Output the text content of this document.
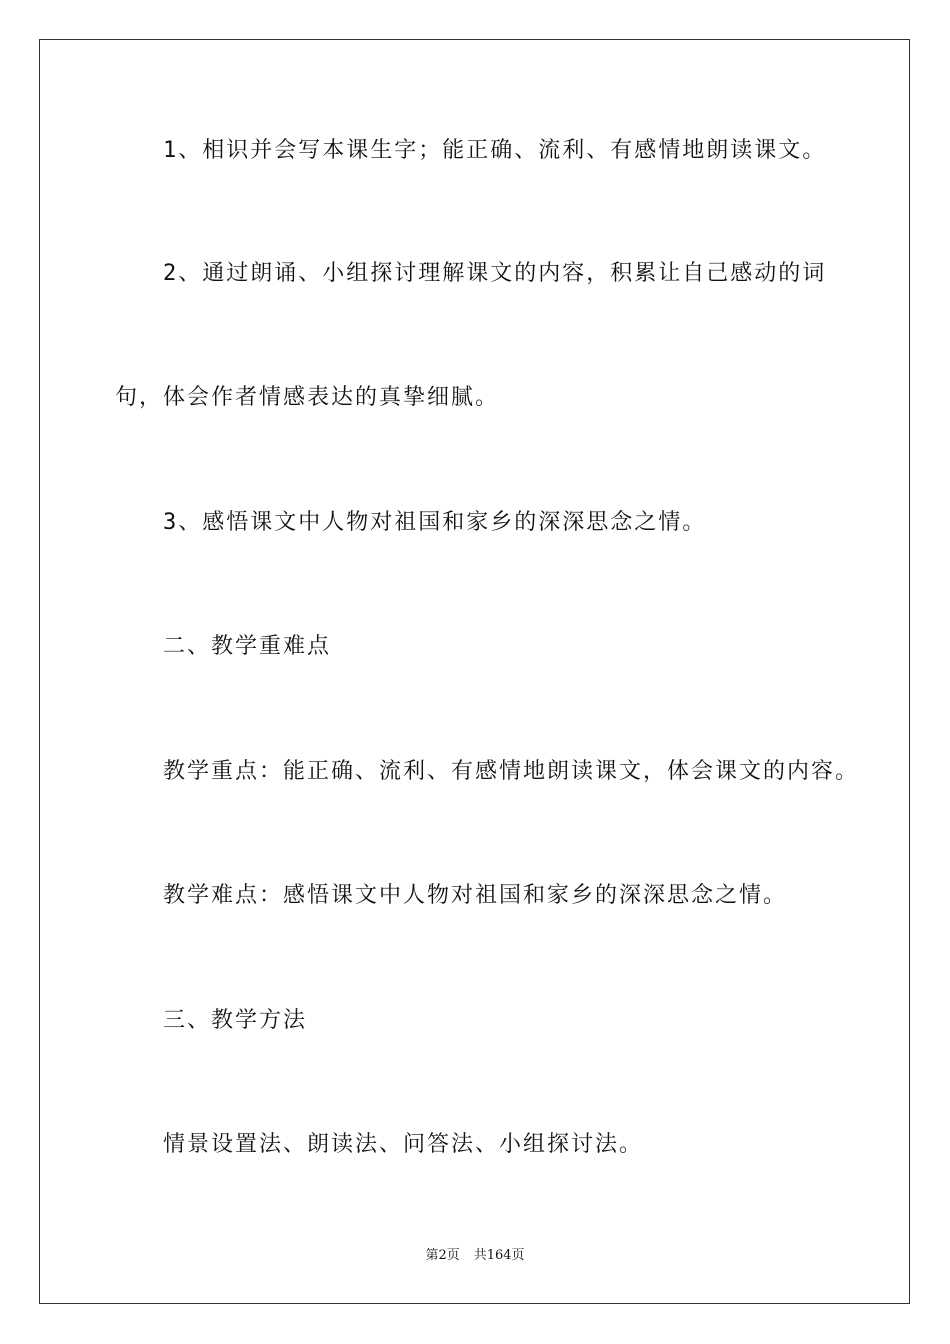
1、相识并会写本课生字；能正确、流利、有感情地朗读课文。
2、通过朗诵、小组探讨理解课文的内容，积累让自己感动的词
句，体会作者情感表达的真挚细腻。
3、感悟课文中人物对祖国和家乡的深深思念之情。
二、教学重难点
教学重点：能正确、流利、有感情地朗读课文，体会课文的内容。
教学难点：感悟课文中人物对祖国和家乡的深深思念之情。
三、教学方法
情景设置法、朗读法、问答法、小组探讨法。
第2页 共164页
